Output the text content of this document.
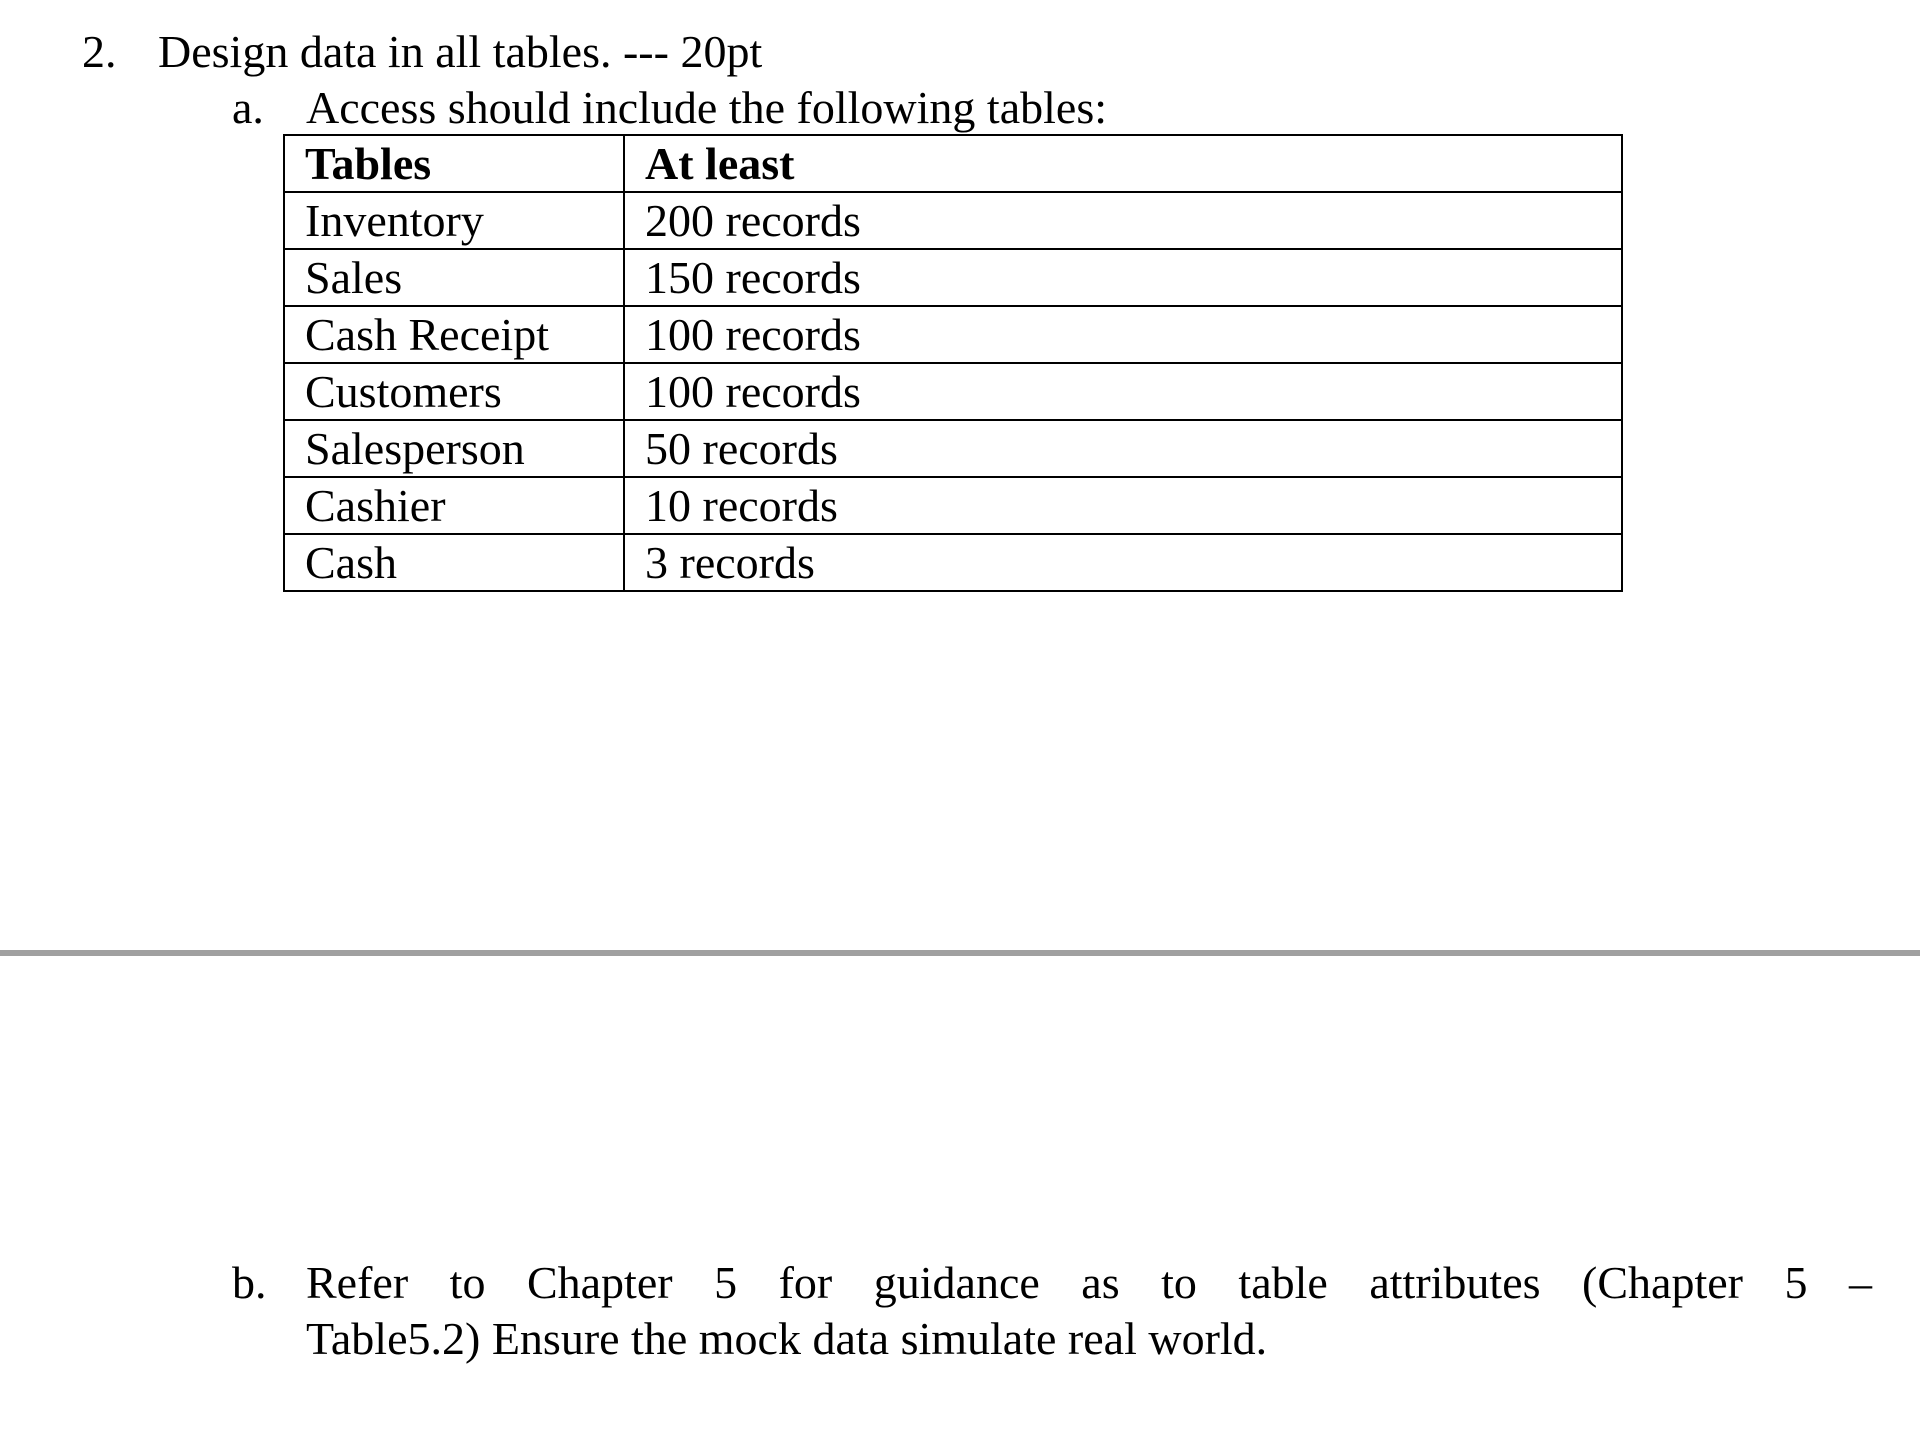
2. Design data in all tables. --- 20pt
a. Access should include the following tables:
Tables	At least
Inventory	200 records
Sales	150 records
Cash Receipt	100 records
Customers	100 records
Salesperson	50 records
Cashier	10 records
Cash	3 records
b. Refer to Chapter 5 for guidance as to table attributes (Chapter 5 –
Table5.2) Ensure the mock data simulate real world.
